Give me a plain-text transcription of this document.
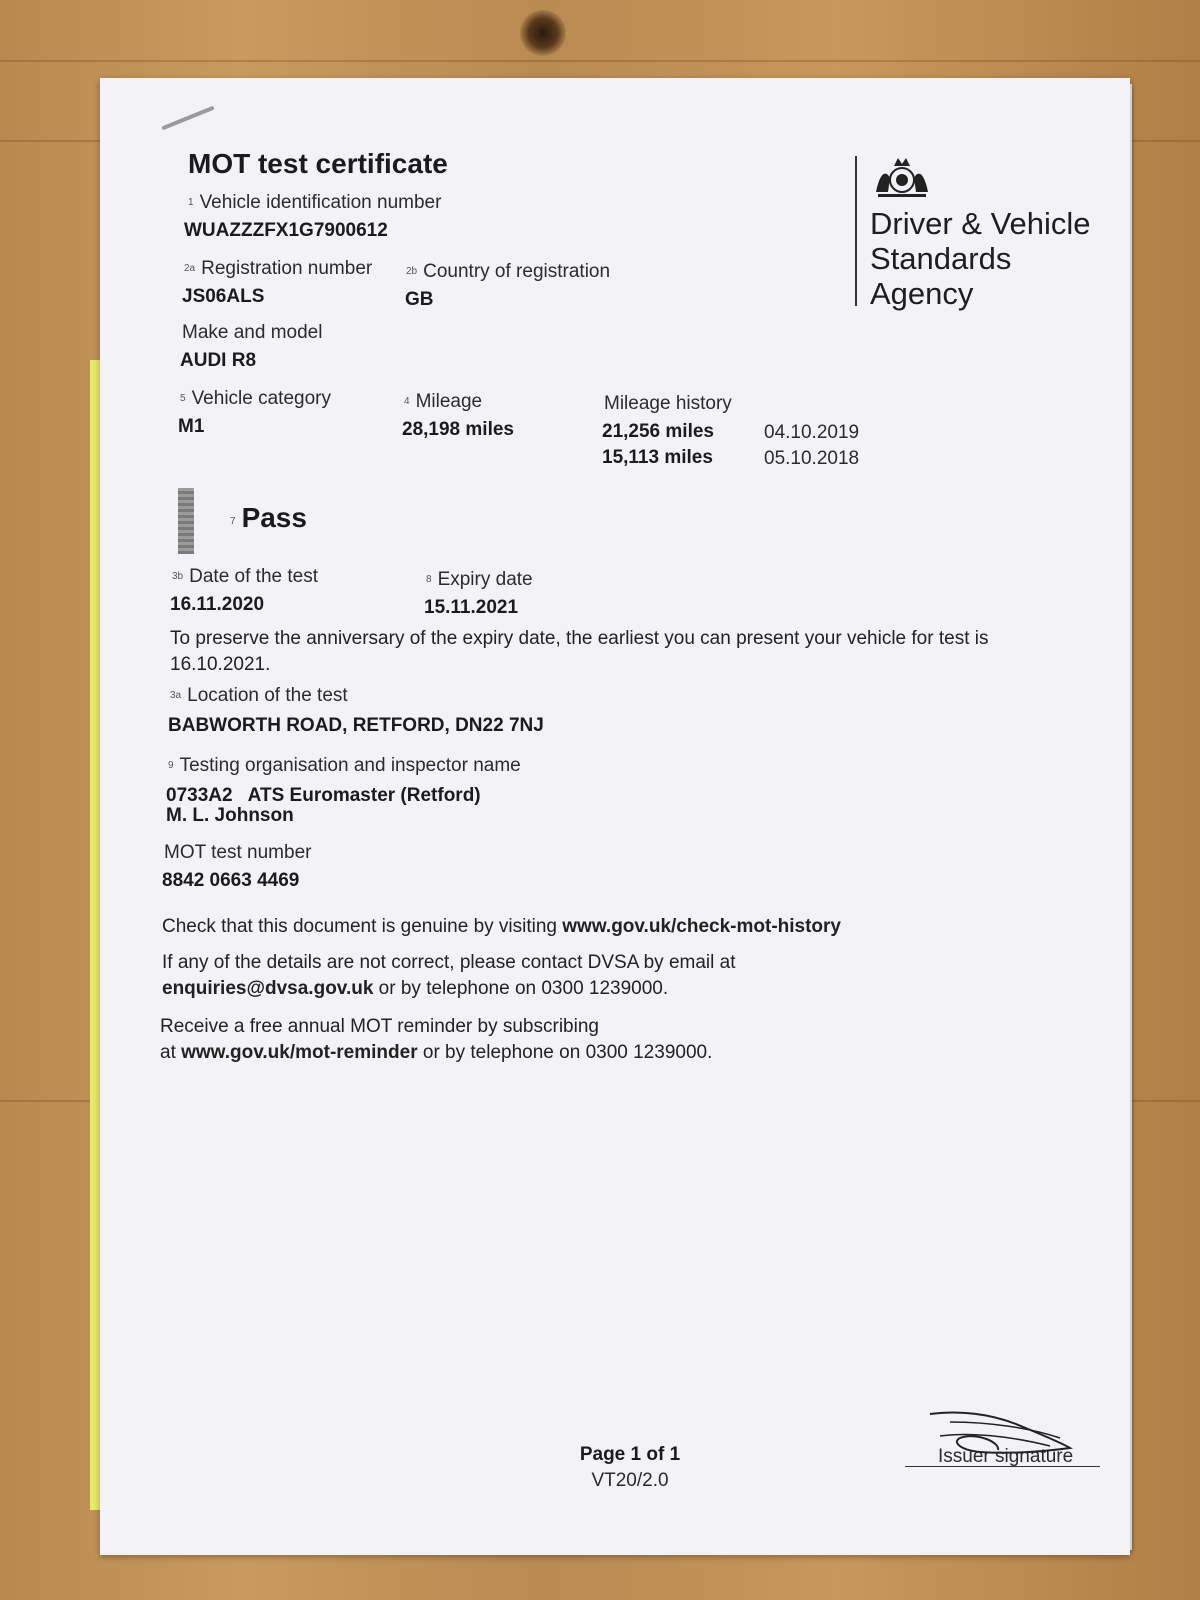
MOT test certificate
Driver & Vehicle
Standards
Agency
1 Vehicle identification number
WUAZZZFX1G7900612
2a Registration number
JS06ALS
2b Country of registration
GB
Make and model
AUDI R8
5 Vehicle category
M1
4 Mileage
28,198 miles
Mileage history
21,256 miles	04.10.2019
15,113 miles	05.10.2018
7 Pass
3b Date of the test
16.11.2020
8 Expiry date
15.11.2021
To preserve the anniversary of the expiry date, the earliest you can present your vehicle for test is
16.10.2021.
3a Location of the test
BABWORTH ROAD, RETFORD, DN22 7NJ
9 Testing organisation and inspector name
0733A2   ATS Euromaster (Retford)
M. L. Johnson
MOT test number
8842 0663 4469
Check that this document is genuine by visiting www.gov.uk/check-mot-history
If any of the details are not correct, please contact DVSA by email at
enquiries@dvsa.gov.uk or by telephone on 0300 1239000.
Receive a free annual MOT reminder by subscribing
at www.gov.uk/mot-reminder or by telephone on 0300 1239000.
Page 1 of 1
VT20/2.0
Issuer signature
